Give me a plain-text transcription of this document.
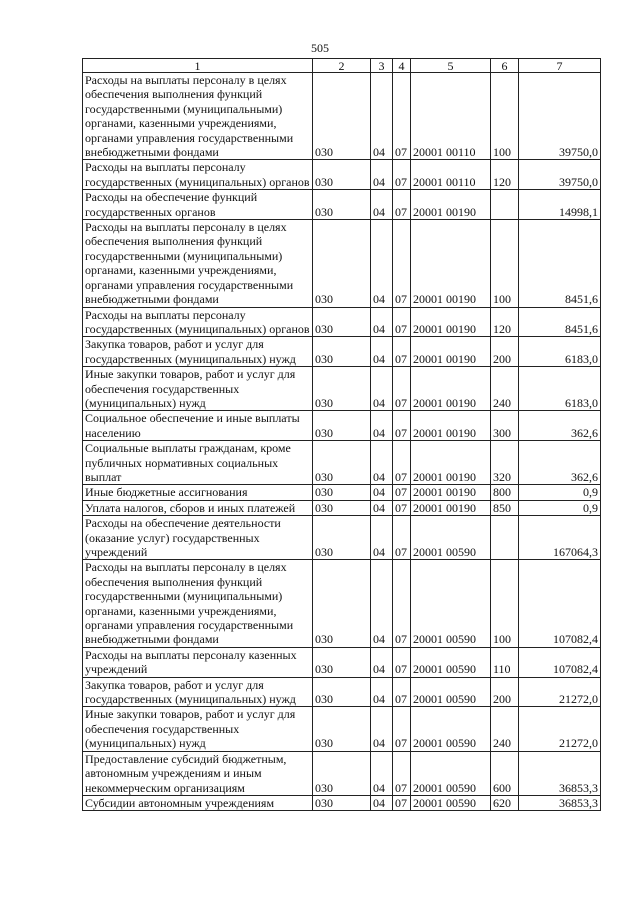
505
1	2	3	4	5	6	7
Расходы на выплаты персоналу в целях обеспечения выполнения функций государственными (муниципальными) органами, казенными учреждениями, органами управления государственными внебюджетными фондами	030	04	07	20001 00110	100	39750,0
Расходы на выплаты персоналу государственных (муниципальных) органов	030	04	07	20001 00110	120	39750,0
Расходы на обеспечение функций государственных органов	030	04	07	20001 00190		14998,1
Расходы на выплаты персоналу в целях обеспечения выполнения функций государственными (муниципальными) органами, казенными учреждениями, органами управления государственными внебюджетными фондами	030	04	07	20001 00190	100	8451,6
Расходы на выплаты персоналу государственных (муниципальных) органов	030	04	07	20001 00190	120	8451,6
Закупка товаров, работ и услуг для государственных (муниципальных) нужд	030	04	07	20001 00190	200	6183,0
Иные закупки товаров, работ и услуг для обеспечения государственных (муниципальных) нужд	030	04	07	20001 00190	240	6183,0
Социальное обеспечение и иные выплаты населению	030	04	07	20001 00190	300	362,6
Социальные выплаты гражданам, кроме публичных нормативных социальных выплат	030	04	07	20001 00190	320	362,6
Иные бюджетные ассигнования	030	04	07	20001 00190	800	0,9
Уплата налогов, сборов и иных платежей	030	04	07	20001 00190	850	0,9
Расходы на обеспечение деятельности (оказание услуг) государственных учреждений	030	04	07	20001 00590		167064,3
Расходы на выплаты персоналу в целях обеспечения выполнения функций государственными (муниципальными) органами, казенными учреждениями, органами управления государственными внебюджетными фондами	030	04	07	20001 00590	100	107082,4
Расходы на выплаты персоналу казенных учреждений	030	04	07	20001 00590	110	107082,4
Закупка товаров, работ и услуг для государственных (муниципальных) нужд	030	04	07	20001 00590	200	21272,0
Иные закупки товаров, работ и услуг для обеспечения государственных (муниципальных) нужд	030	04	07	20001 00590	240	21272,0
Предоставление субсидий бюджетным, автономным учреждениям и иным некоммерческим организациям	030	04	07	20001 00590	600	36853,3
Субсидии автономным учреждениям	030	04	07	20001 00590	620	36853,3
